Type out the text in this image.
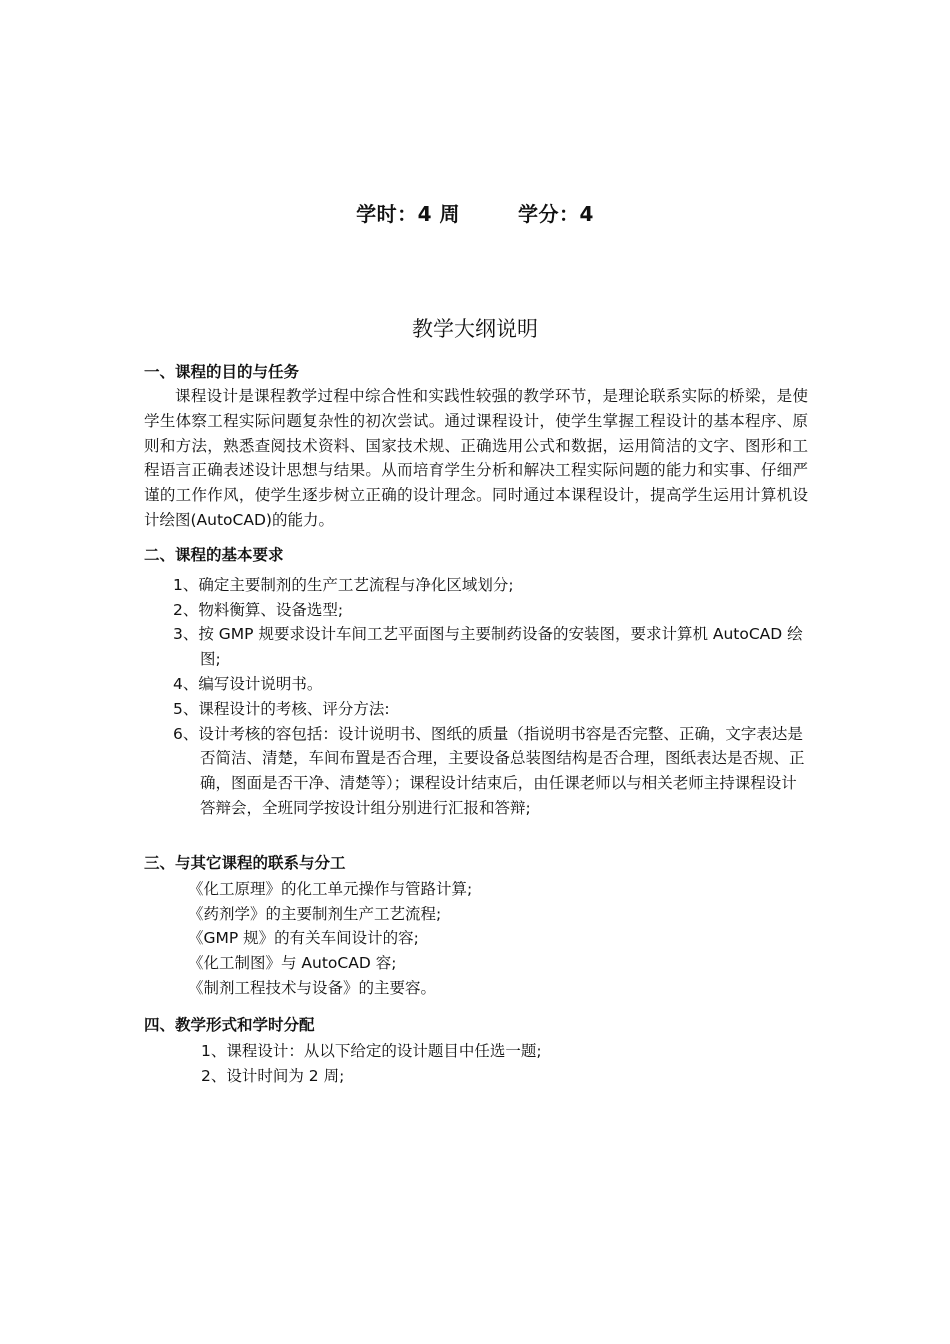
学时：4 周	学分：4
教学大纲说明
一、课程的目的与任务

课程设计是课程教学过程中综合性和实践性较强的教学环节，是理论联系实际的桥梁，是使学生体察工程实际问题复杂性的初次尝试。通过课程设计，使学生掌握工程设计的基本程序、原则和方法，熟悉查阅技术资料、国家技术规、正确选用公式和数据，运用简洁的文字、图形和工程语言正确表述设计思想与结果。从而培育学生分析和解决工程实际问题的能力和实事、仔细严谨的工作作风，使学生逐步树立正确的设计理念。同时通过本课程设计，提高学生运用计算机设计绘图(AutoCAD)的能力。

二、课程的基本要求
1、确定主要制剂的生产工艺流程与净化区域划分;
2、物料衡算、设备选型;
3、按 GMP 规要求设计车间工艺平面图与主要制药设备的安装图，要求计算机 AutoCAD 绘图;
4、编写设计说明书。
5、课程设计的考核、评分方法:
6、设计考核的容包括：设计说明书、图纸的质量（指说明书容是否完整、正确，文字表达是否简洁、清楚，车间布置是否合理，主要设备总装图结构是否合理，图纸表达是否规、正确，图面是否干净、清楚等）；课程设计结束后，由任课老师以与相关老师主持课程设计答辩会，全班同学按设计组分别进行汇报和答辩;
三、与其它课程的联系与分工
《化工原理》的化工单元操作与管路计算;
《药剂学》的主要制剂生产工艺流程;
《GMP 规》的有关车间设计的容;
《化工制图》与 AutoCAD 容;
《制剂工程技术与设备》的主要容。
四、教学形式和学时分配
1、课程设计：从以下给定的设计题目中任选一题;
2、设计时间为 2 周;
